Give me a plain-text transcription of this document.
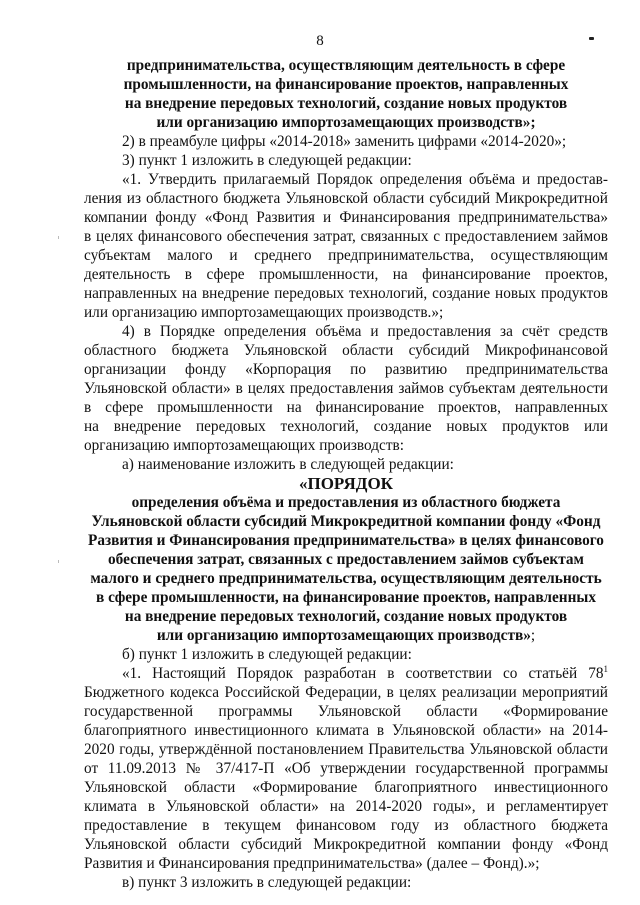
8
предпринимательства, осуществляющим деятельность в сфере
промышленности, на финансирование проектов, направленных
на внедрение передовых технологий, создание новых продуктов
или организацию импортозамещающих производств»;
2) в преамбуле цифры «2014-2018» заменить цифрами «2014-2020»;
3) пункт 1 изложить в следующей редакции:
«1. Утвердить прилагаемый Порядок определения объёма и предостав-
ления из областного бюджета Ульяновской области субсидий Микрокредитной
компании фонду «Фонд Развития и Финансирования предпринимательства»
в целях финансового обеспечения затрат, связанных с предоставлением займов
субъектам малого и среднего предпринимательства, осуществляющим
деятельность в сфере промышленности, на финансирование проектов,
направленных на внедрение передовых технологий, создание новых продуктов
или организацию импортозамещающих производств.»;
4) в Порядке определения объёма и предоставления за счёт средств
областного бюджета Ульяновской области субсидий Микрофинансовой
организации фонду «Корпорация по развитию предпринимательства
Ульяновской области» в целях предоставления займов субъектам деятельности
в сфере промышленности на финансирование проектов, направленных
на внедрение передовых технологий, создание новых продуктов или
организацию импортозамещающих производств:
а) наименование изложить в следующей редакции:
«ПОРЯДОК
определения объёма и предоставления из областного бюджета
Ульяновской области субсидий Микрокредитной компании фонду «Фонд
Развития и Финансирования предпринимательства» в целях финансового
обеспечения затрат, связанных с предоставлением займов субъектам
малого и среднего предпринимательства, осуществляющим деятельность
в сфере промышленности, на финансирование проектов, направленных
на внедрение передовых технологий, создание новых продуктов
или организацию импортозамещающих производств»;
б) пункт 1 изложить в следующей редакции:
«1. Настоящий Порядок разработан в соответствии со статьёй $78^1$
Бюджетного кодекса Российской Федерации, в целях реализации мероприятий
государственной программы Ульяновской области «Формирование
благоприятного инвестиционного климата в Ульяновской области» на 2014-
2020 годы, утверждённой постановлением Правительства Ульяновской области
от 11.09.2013 № 37/417-П «Об утверждении государственной программы
Ульяновской области «Формирование благоприятного инвестиционного
климата в Ульяновской области» на 2014-2020 годы», и регламентирует
предоставление в текущем финансовом году из областного бюджета
Ульяновской области субсидий Микрокредитной компании фонду «Фонд
Развития и Финансирования предпринимательства» (далее – Фонд).»;
в) пункт 3 изложить в следующей редакции:
